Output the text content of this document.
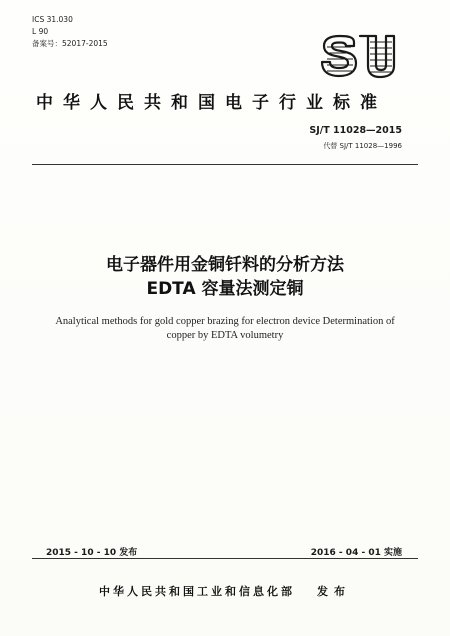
ICS 31.030
L 90
备案号：52017-2015
中华人民共和国电子行业标准
SJ/T 11028—2015
代替 SJ/T 11028—1996
电子器件用金铜钎料的分析方法
EDTA 容量法测定铜
Analytical methods for gold copper brazing for electron device Determination of
copper by EDTA volumetry
2015 - 10 - 10 发布	2016 - 04 - 01 实施
中华人民共和国工业和信息化部 发布
